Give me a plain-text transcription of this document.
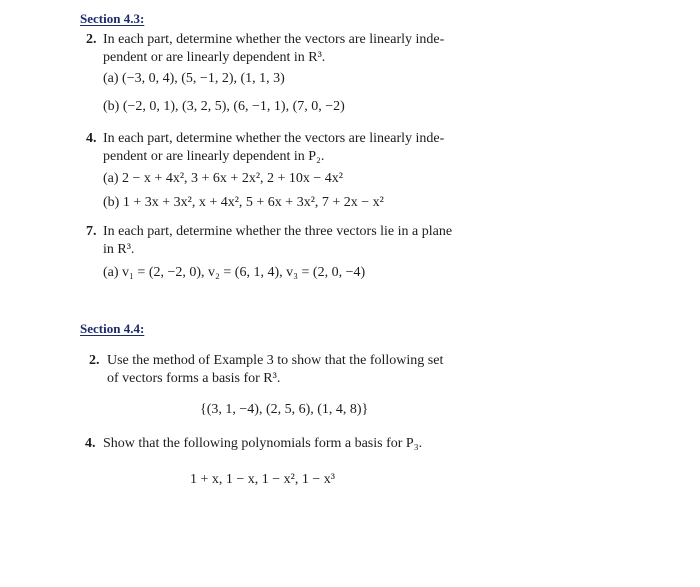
Section 4.3:
2. In each part, determine whether the vectors are linearly inde-
pendent or are linearly dependent in R³.
(a) (−3, 0, 4), (5, −1, 2), (1, 1, 3)
(b) (−2, 0, 1), (3, 2, 5), (6, −1, 1), (7, 0, −2)
4. In each part, determine whether the vectors are linearly inde-
pendent or are linearly dependent in P₂.
(a) 2 − x + 4x², 3 + 6x + 2x², 2 + 10x − 4x²
(b) 1 + 3x + 3x², x + 4x², 5 + 6x + 3x², 7 + 2x − x²
7. In each part, determine whether the three vectors lie in a plane
in R³.
(a) v₁ = (2, −2, 0), v₂ = (6, 1, 4), v₃ = (2, 0, −4)
Section 4.4:
2. Use the method of Example 3 to show that the following set
of vectors forms a basis for R³.
{(3, 1, −4), (2, 5, 6), (1, 4, 8)}
4. Show that the following polynomials form a basis for P₃.
1 + x, 1 − x, 1 − x², 1 − x³
